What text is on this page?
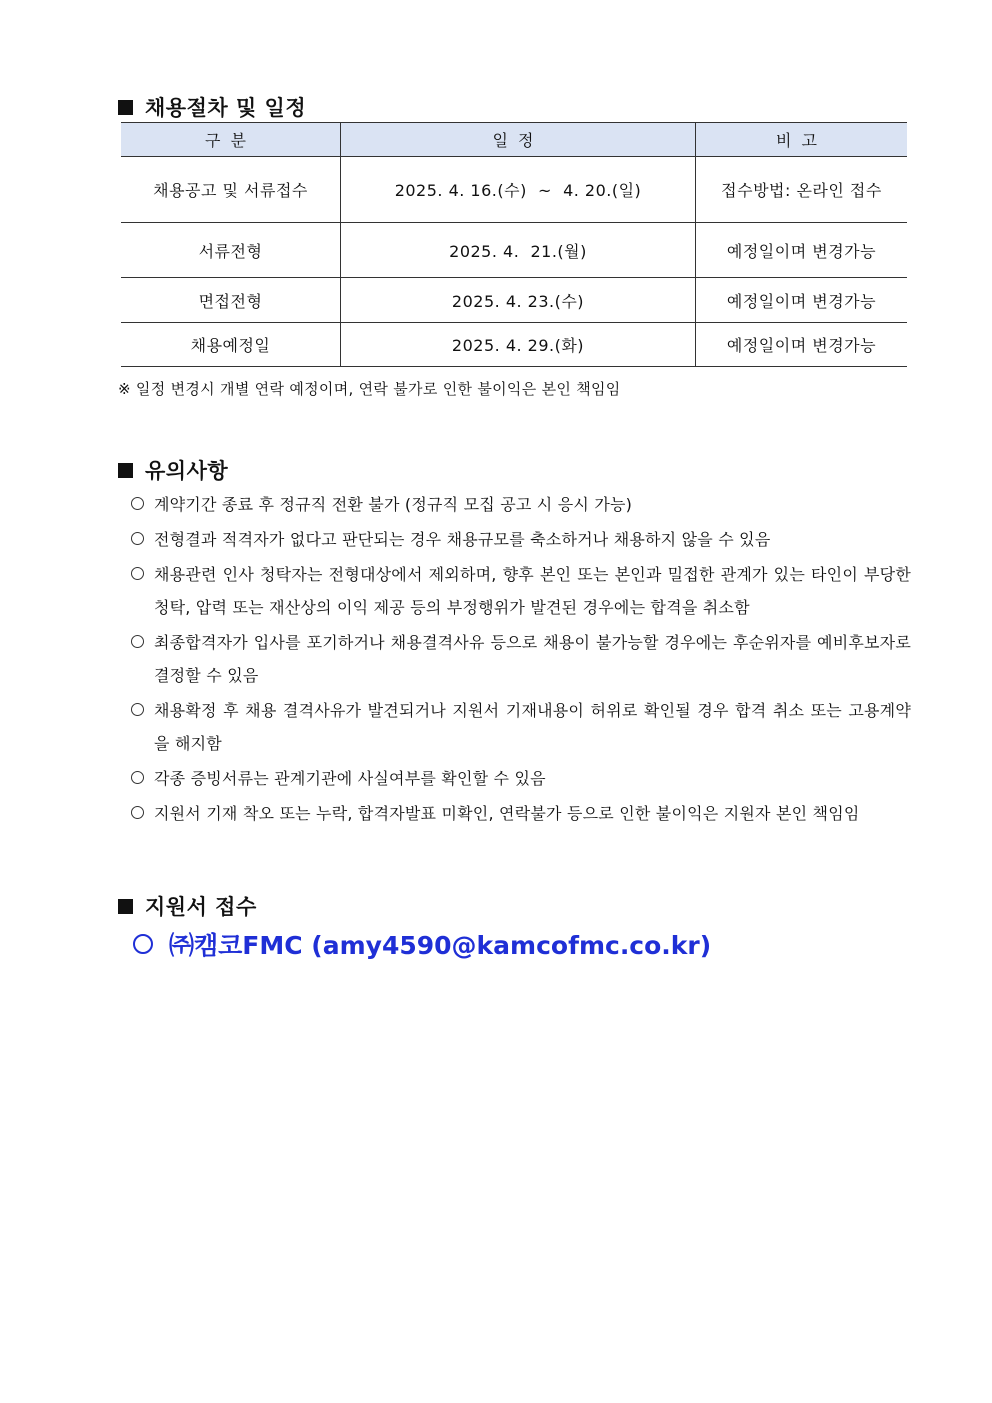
채용절차 및 일정
구분	일정	비고
채용공고 및 서류접수	2025. 4. 16.(수)  ~  4. 20.(일)	접수방법: 온라인 접수
서류전형	2025. 4.  21.(월)	예정일이며 변경가능
면접전형	2025. 4. 23.(수)	예정일이며 변경가능
채용예정일	2025. 4. 29.(화)	예정일이며 변경가능
※ 일정 변경시 개별 연락 예정이며, 연락 불가로 인한 불이익은 본인 책임임
유의사항
계약기간 종료 후 정규직 전환 불가 (정규직 모집 공고 시 응시 가능)
전형결과 적격자가 없다고 판단되는 경우 채용규모를 축소하거나 채용하지 않을 수 있음
채용관련 인사 청탁자는 전형대상에서 제외하며, 향후 본인 또는 본인과 밀접한 관계가 있는 타인이 부당한 청탁, 압력 또는 재산상의 이익 제공 등의 부정행위가 발견된 경우에는 합격을 취소함
최종합격자가 입사를 포기하거나 채용결격사유 등으로 채용이 불가능할 경우에는 후순위자를 예비후보자로 결정할 수 있음
채용확정 후 채용 결격사유가 발견되거나 지원서 기재내용이 허위로 확인될 경우 합격 취소 또는 고용계약을 해지함
각종 증빙서류는 관계기관에 사실여부를 확인할 수 있음
지원서 기재 착오 또는 누락, 합격자발표 미확인, 연락불가 등으로 인한 불이익은 지원자 본인 책임임
지원서 접수
㈜캠코FMC (amy4590@kamcofmc.co.kr)
